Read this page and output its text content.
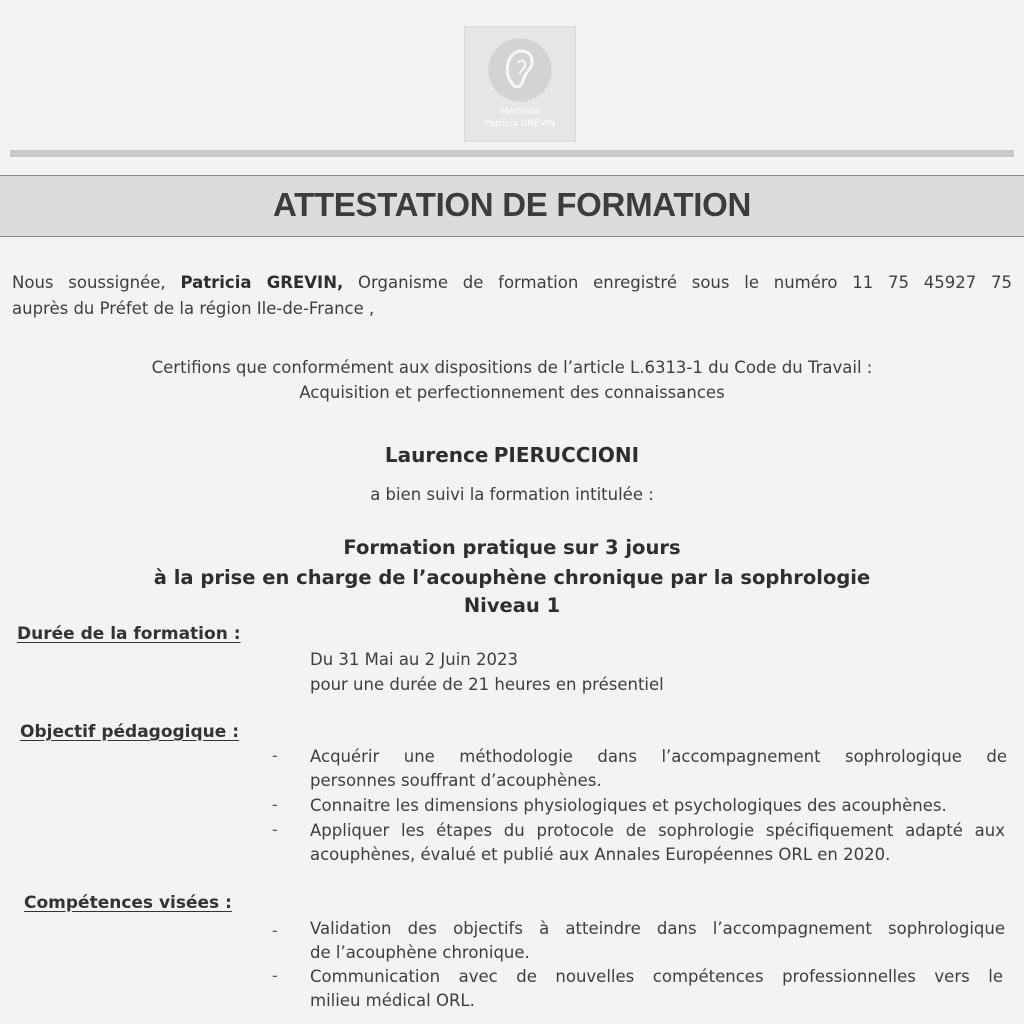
Méthode
Patricia GREVIN
ATTESTATION DE FORMATION
Nous soussignée, Patricia GREVIN, Organisme de formation enregistré sous le numéro 11 75 45927 75
auprès du Préfet de la région Ile-de-France ,
Certifions que conformément aux dispositions de l’article L.6313-1 du Code du Travail :
Acquisition et perfectionnement des connaissances
Laurence PIERUCCIONI
a bien suivi la formation intitulée :
Formation pratique sur 3 jours
à la prise en charge de l’acouphène chronique par la sophrologie
Niveau 1
Durée de la formation :
Du 31 Mai au 2 Juin 2023
pour une durée de 21 heures en présentiel
Objectif pédagogique :
- Acquérir une méthodologie dans l’accompagnement sophrologique de
personnes souffrant d’acouphènes.
- Connaitre les dimensions physiologiques et psychologiques des acouphènes.
- Appliquer les étapes du protocole de sophrologie spécifiquement adapté aux
acouphènes, évalué et publié aux Annales Européennes ORL en 2020.
Compétences visées :
- Validation des objectifs à atteindre dans l’accompagnement sophrologique
de l’acouphène chronique.
- Communication avec de nouvelles compétences professionnelles vers le
milieu médical ORL.
